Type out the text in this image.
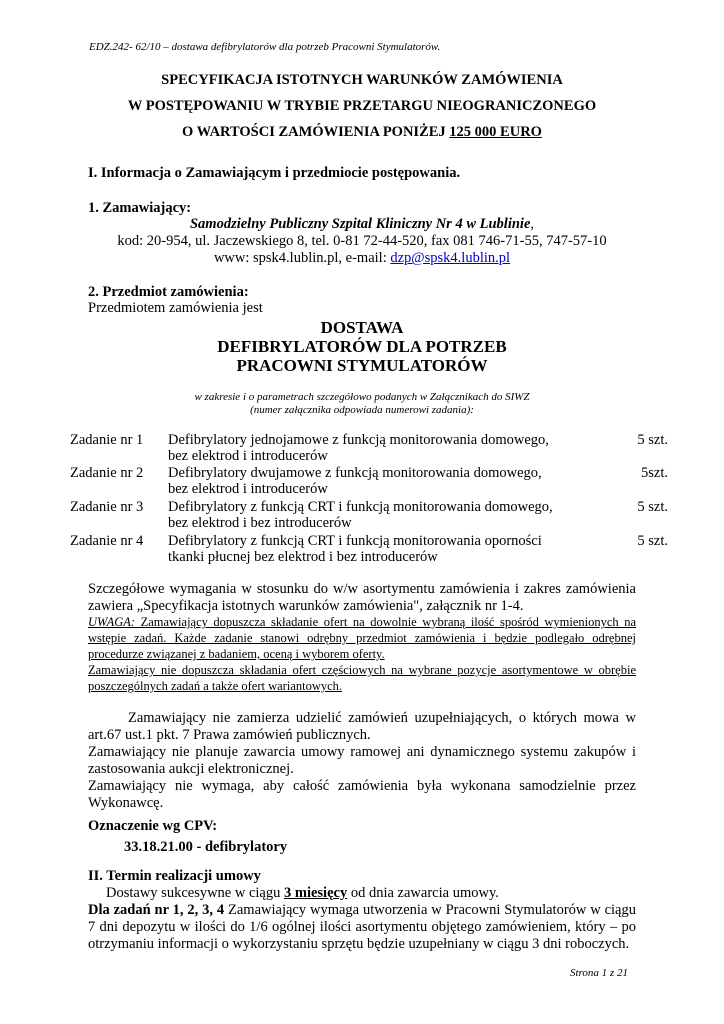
EDZ.242- 62/10 – dostawa defibrylatorów dla potrzeb Pracowni Stymulatorów.
SPECYFIKACJA ISTOTNYCH WARUNKÓW ZAMÓWIENIA
W POSTĘPOWANIU W TRYBIE PRZETARGU NIEOGRANICZONEGO
O WARTOŚCI ZAMÓWIENIA PONIŻEJ 125 000 EURO
I. Informacja o Zamawiającym i przedmiocie postępowania.
1. Zamawiający:
Samodzielny Publiczny Szpital Kliniczny Nr 4 w Lublinie,
kod: 20-954, ul. Jaczewskiego 8, tel. 0-81 72-44-520, fax 081 746-71-55, 747-57-10
www: spsk4.lublin.pl, e-mail: dzp@spsk4.lublin.pl
2. Przedmiot zamówienia:
Przedmiotem zamówienia jest
DOSTAWA
DEFIBRYLATORÓW DLA POTRZEB
PRACOWNI STYMULATORÓW
w zakresie i o parametrach szczegółowo podanych w Załącznikach do SIWZ
(numer załącznika odpowiada numerowi zadania):
Zadanie nr 1 Defibrylatory jednojamowe z funkcją monitorowania domowego,
bez elektrod i introducerów
5 szt.
Zadanie nr 2 Defibrylatory dwujamowe z funkcją monitorowania domowego,
bez elektrod i introducerów
5szt.
Zadanie nr 3 Defibrylatory z funkcją CRT i funkcją monitorowania domowego,
bez elektrod i bez introducerów
5 szt.
Zadanie nr 4 Defibrylatory z funkcją CRT i funkcją monitorowania oporności
tkanki płucnej bez elektrod i bez introducerów
5 szt.
Szczegółowe wymagania w stosunku do w/w asortymentu zamówienia i zakres zamówienia zawiera „Specyfikacja istotnych warunków zamówienia", załącznik nr 1-4.
UWAGA: Zamawiający dopuszcza składanie ofert na dowolnie wybraną ilość spośród wymienionych na wstępie zadań. Każde zadanie stanowi odrębny przedmiot zamówienia i będzie podlegało odrębnej procedurze związanej z badaniem, oceną i wyborem oferty.
Zamawiający nie dopuszcza składania ofert częściowych na wybrane pozycje asortymentowe w obrębie poszczególnych zadań a także ofert wariantowych.
Zamawiający nie zamierza udzielić zamówień uzupełniających, o których mowa w art.67 ust.1 pkt. 7 Prawa zamówień publicznych.
Zamawiający nie planuje zawarcia umowy ramowej ani dynamicznego systemu zakupów i zastosowania aukcji elektronicznej.
Zamawiający nie wymaga, aby całość zamówienia była wykonana samodzielnie przez Wykonawcę.
Oznaczenie wg CPV:
33.18.21.00 - defibrylatory
II. Termin realizacji umowy
Dostawy sukcesywne w ciągu 3 miesięcy od dnia zawarcia umowy.
Dla zadań nr 1, 2, 3, 4 Zamawiający wymaga utworzenia w Pracowni Stymulatorów w ciągu 7 dni depozytu w ilości do 1/6 ogólnej ilości asortymentu objętego zamówieniem, który – po otrzymaniu informacji o wykorzystaniu sprzętu będzie uzupełniany w ciągu 3 dni roboczych.
Strona 1 z 21
